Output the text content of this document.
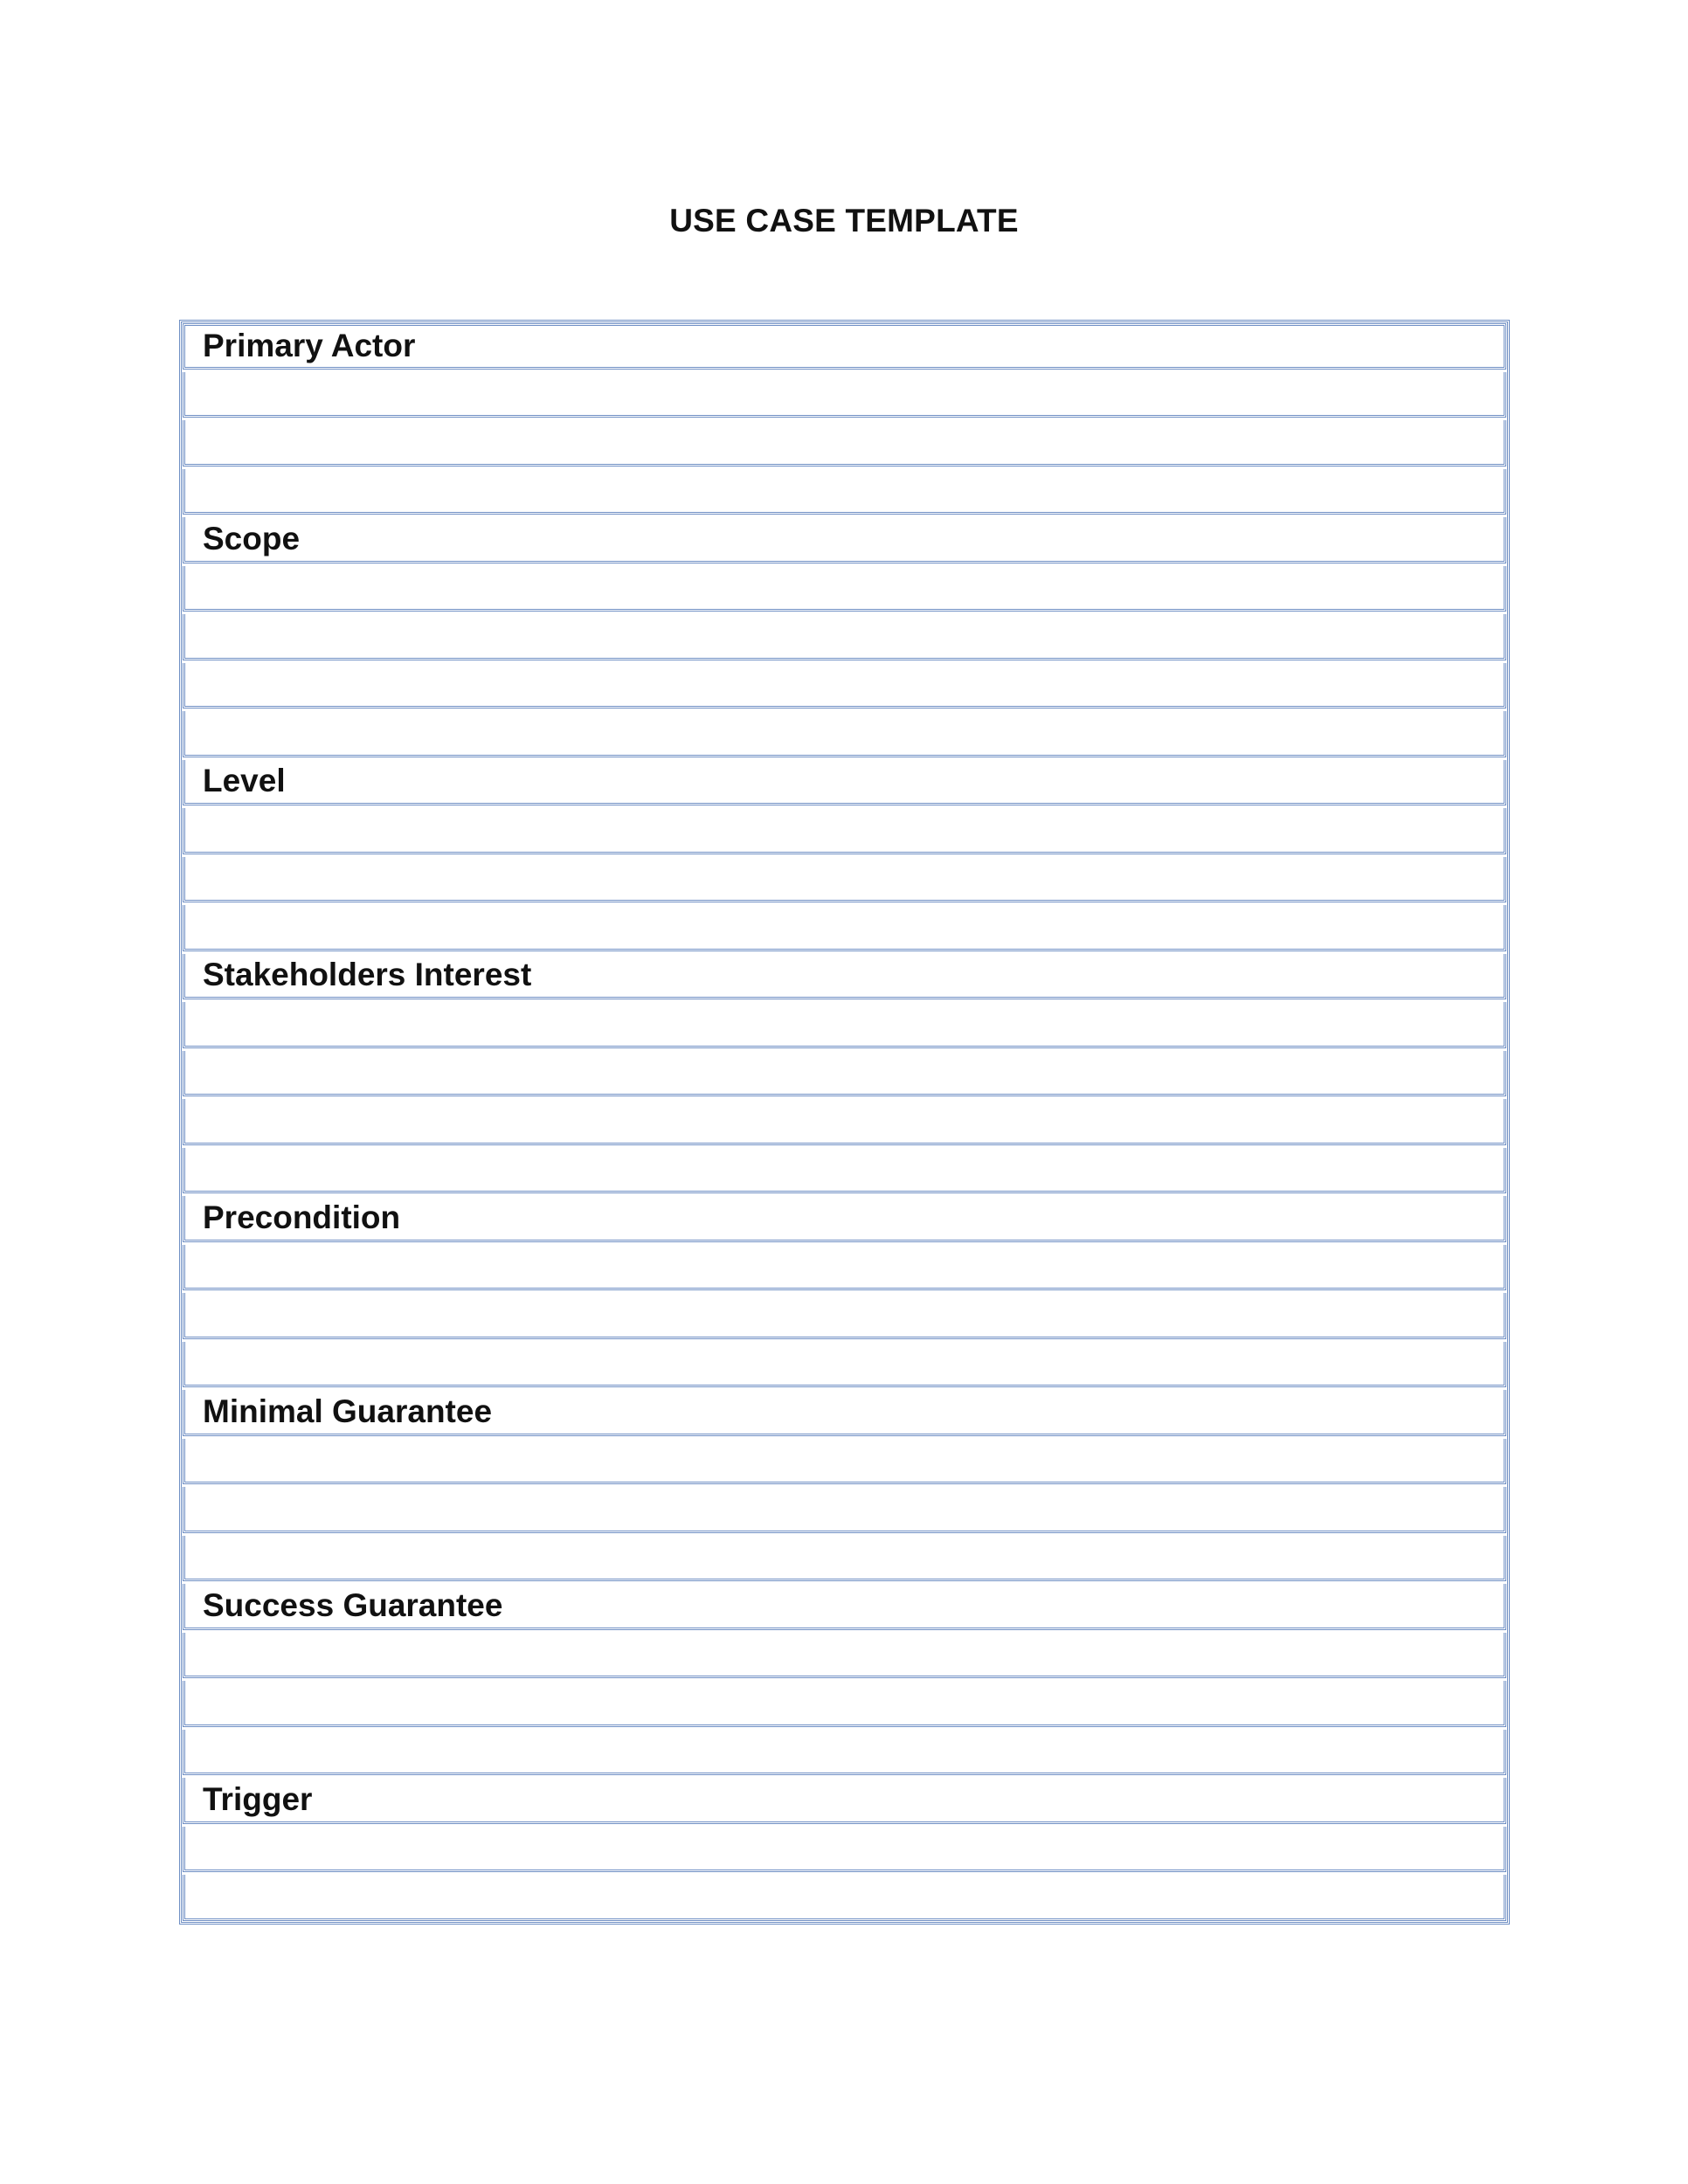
USE CASE TEMPLATE
Primary Actor
Scope
Level
Stakeholders Interest
Precondition
Minimal Guarantee
Success Guarantee
Trigger
